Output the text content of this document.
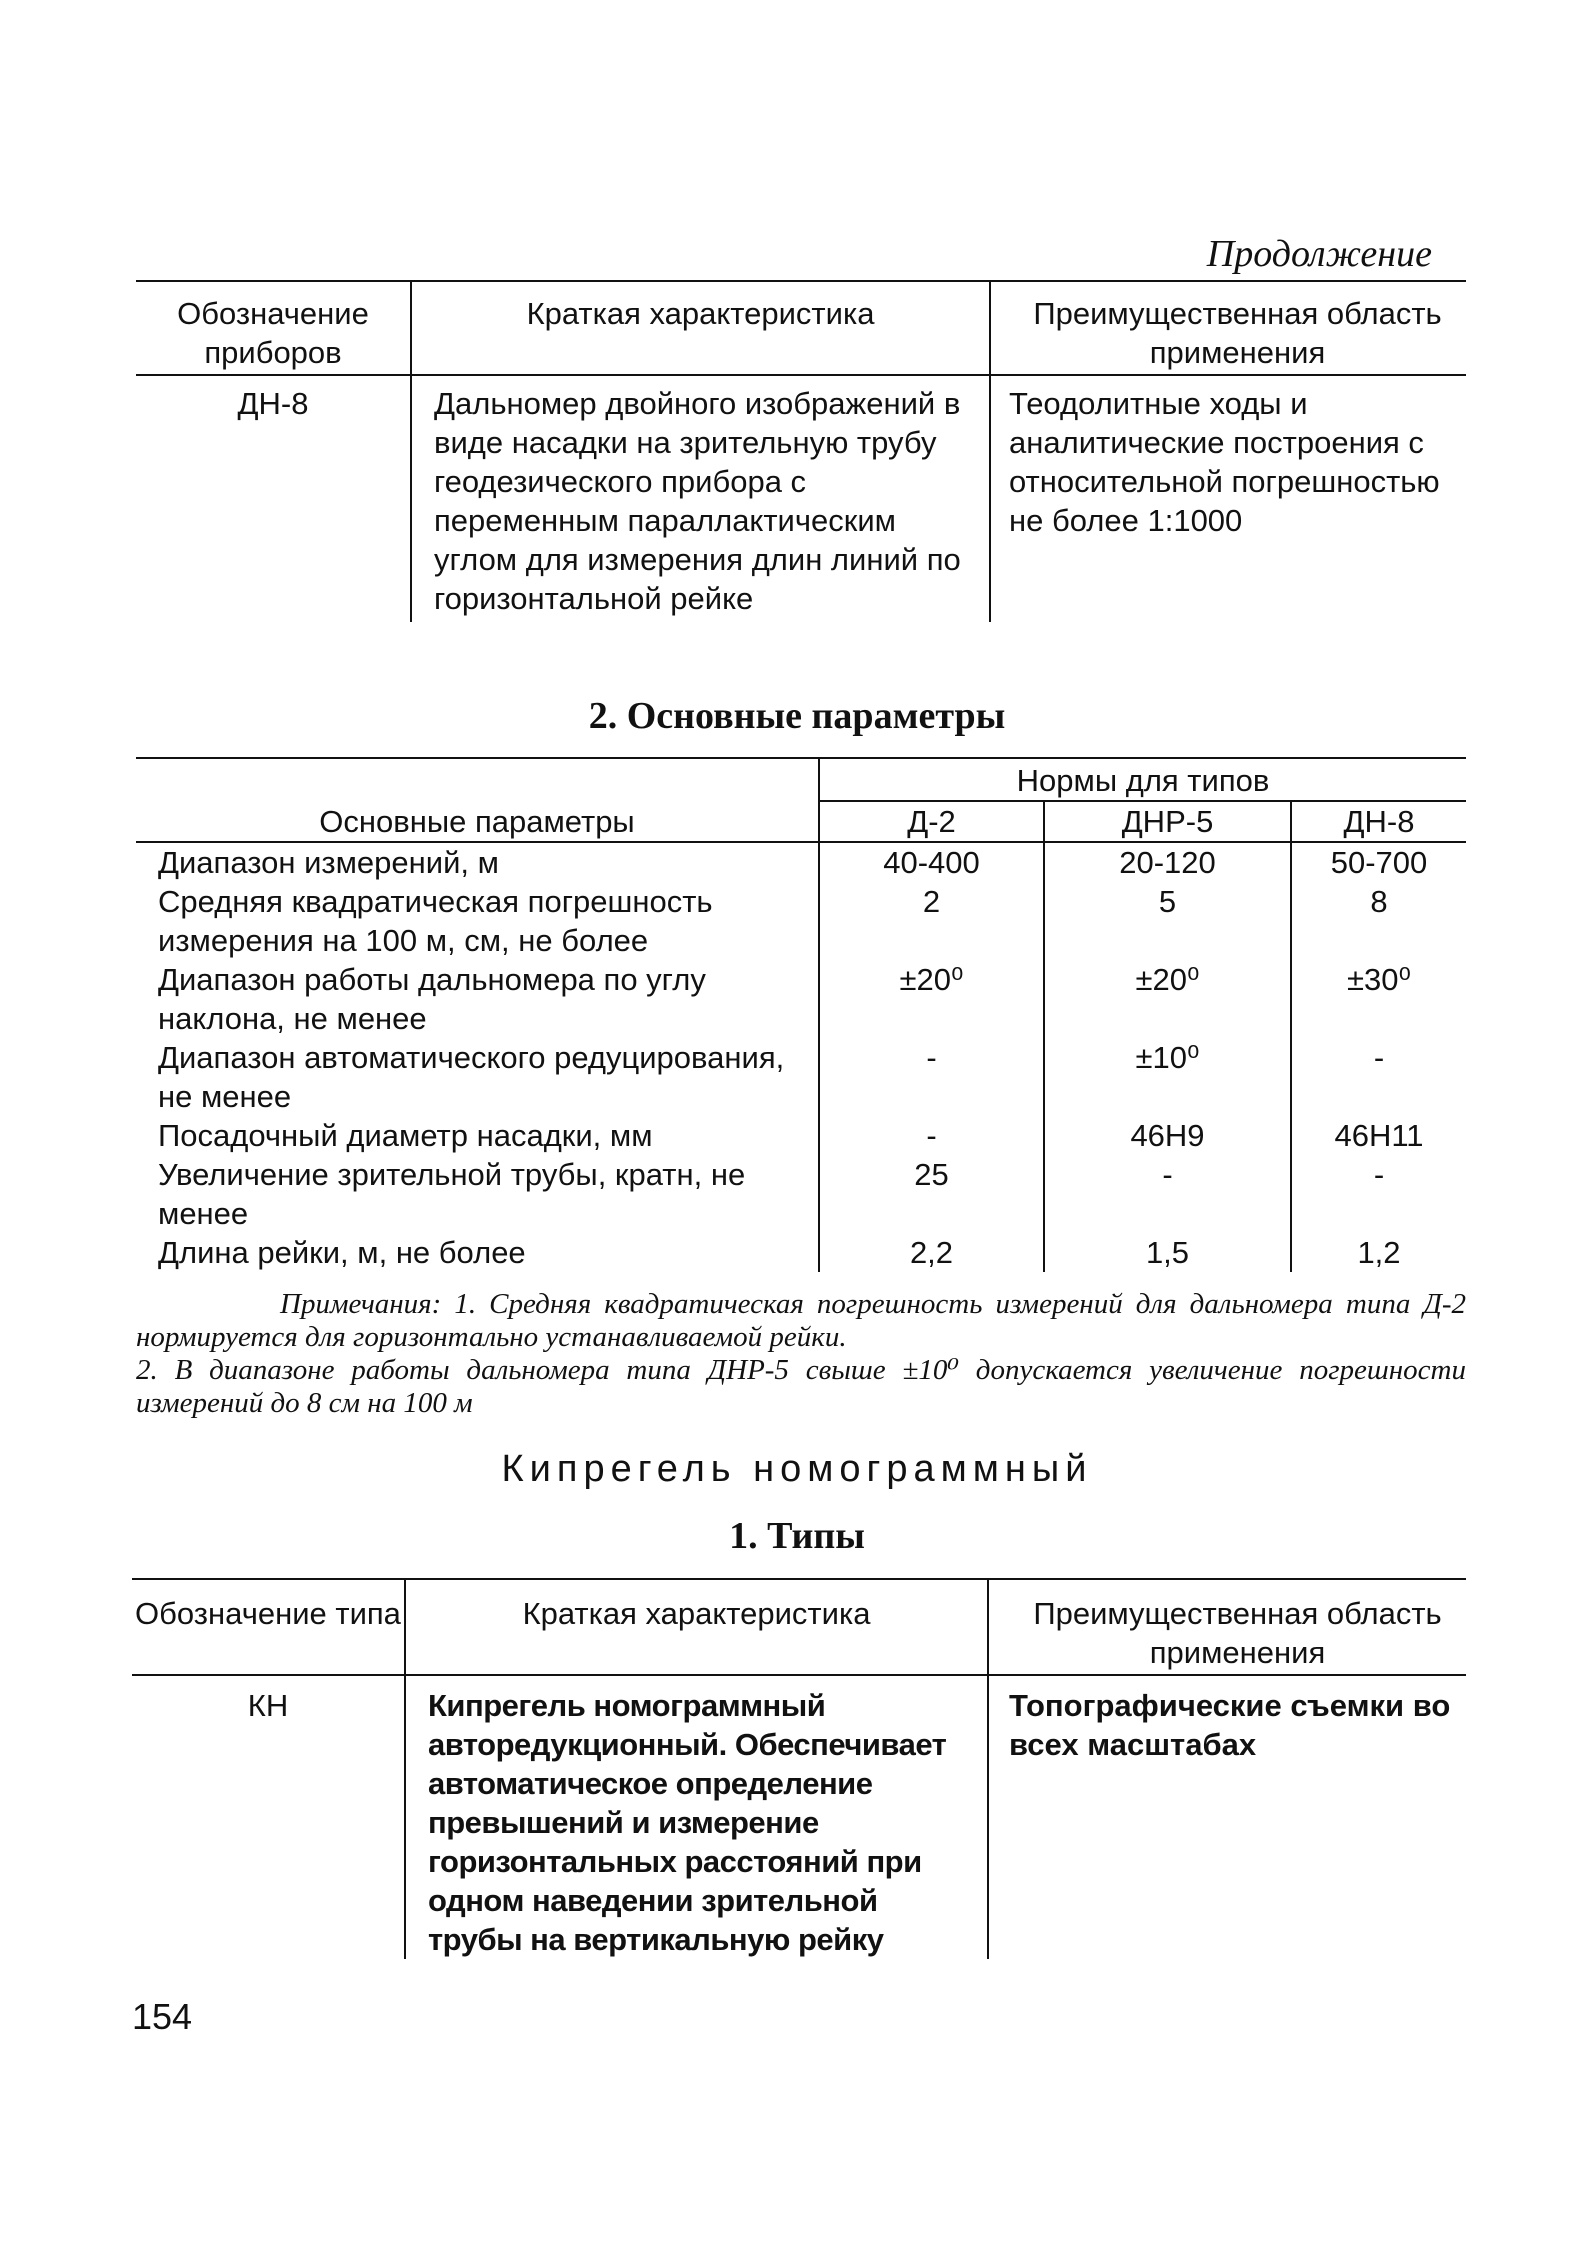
Продолжение
Обозначение приборов	Краткая характеристика	Преимущественная область применения
ДН-8	Дальномер двойного изображений в виде насадки на зрительную трубу геодезического прибора с переменным параллактическим углом для измерения длин линий по горизонтальной рейке	Теодолитные ходы и аналитические построения с относительной погрешностью не более 1:1000
2. Основные параметры
Основные параметры	Нормы для типов		
	Д-2	ДНР-5	ДН-8
Диапазон измерений, м	40-400	20-120	50-700
Средняя квадратическая погрешность измерения на 100 м, см, не более	2	5	8
Диапазон работы дальномера по углу наклона, не менее	±20⁰	±20⁰	±30⁰
Диапазон автоматического редуцирования, не менее	-	±10⁰	-
Посадочный диаметр насадки, мм	-	46Н9	46Н11
Увеличение зрительной трубы, кратн, не менее	25	-	-
Длина рейки, м, не более	2,2	1,5	1,2

Примечания: 1. Средняя квадратическая погрешность измерений для дальномера типа Д-2 нормируется для горизонтально устанавливаемой рейки.

2. В диапазоне работы дальномера типа ДНР-5 свыше ±10⁰ допускается увеличение погрешности измерений до 8 см на 100 м

Кипрегель номограммный
1. Типы
Обозначение типа	Краткая характеристика	Преимущественная область применения
КН	Кипрегель номограммный авторедукционный. Обеспечивает автоматическое определение превышений и измерение горизонтальных расстояний при одном наведении зрительной трубы на вертикальную рейку	Топографические съемки во всех масштабах
154
